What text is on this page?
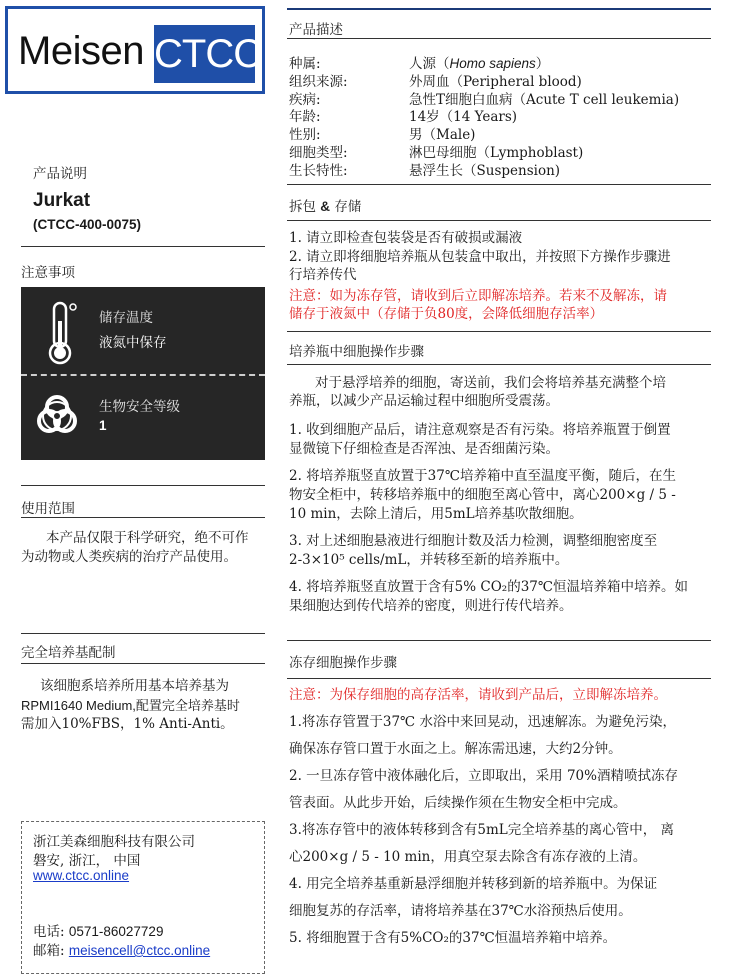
Meisen CTCC
产品说明
Jurkat
(CTCC-400-0075)
注意事项
储存温度
液氮中保存
生物安全等级
1
使用范围
本产品仅限于科学研究，绝不可作
为动物或人类疾病的治疗产品使用。
完全培养基配制
该细胞系培养所用基本培养基为
RPMI1640 Medium,配置完全培养基时
需加入10%FBS，1% Anti-Anti。
浙江美森细胞科技有限公司
磐安, 浙江， 中国
www.ctcc.online
电话: 0571-86027729
邮箱: meisencell@ctcc.online
产品描述
种属:	人源（Homo sapiens）
组织来源:	外周血（Peripheral blood)
疾病:	急性T细胞白血病（Acute T cell leukemia)
年龄:	14岁（14 Years)
性别:	男（Male)
细胞类型:	淋巴母细胞（Lymphoblast)
生长特性:	悬浮生长（Suspension)
拆包 & 存储
1. 请立即检查包装袋是否有破损或漏液
2. 请立即将细胞培养瓶从包装盒中取出，并按照下方操作步骤进
行培养传代
注意：如为冻存管，请收到后立即解冻培养。若来不及解冻，请
储存于液氮中（存储于负80度，会降低细胞存活率）
培养瓶中细胞操作步骤
对于悬浮培养的细胞，寄送前，我们会将培养基充满整个培
养瓶，以减少产品运输过程中细胞所受震荡。
1. 收到细胞产品后，请注意观察是否有污染。将培养瓶置于倒置
显微镜下仔细检查是否浑浊、是否细菌污染。
2. 将培养瓶竖直放置于37℃培养箱中直至温度平衡，随后，在生
物安全柜中，转移培养瓶中的细胞至离心管中，离心200×g / 5 -
10 min，去除上清后，用5mL培养基吹散细胞。
3. 对上述细胞悬液进行细胞计数及活力检测，调整细胞密度至
2-3×10⁵ cells/mL，并转移至新的培养瓶中。
4. 将培养瓶竖直放置于含有5% CO₂的37℃恒温培养箱中培养。如
果细胞达到传代培养的密度，则进行传代培养。
冻存细胞操作步骤
注意：为保存细胞的高存活率，请收到产品后，立即解冻培养。
1.将冻存管置于37℃ 水浴中来回晃动，迅速解冻。为避免污染，
确保冻存管口置于水面之上。解冻需迅速，大约2分钟。
2. 一旦冻存管中液体融化后，立即取出，采用 70%酒精喷拭冻存
管表面。从此步开始，后续操作须在生物安全柜中完成。
3.将冻存管中的液体转移到含有5mL完全培养基的离心管中， 离
心200×g / 5 - 10 min，用真空泵去除含有冻存液的上清。
4. 用完全培养基重新悬浮细胞并转移到新的培养瓶中。为保证
细胞复苏的存活率，请将培养基在37℃水浴预热后使用。
5. 将细胞置于含有5%CO₂的37℃恒温培养箱中培养。
